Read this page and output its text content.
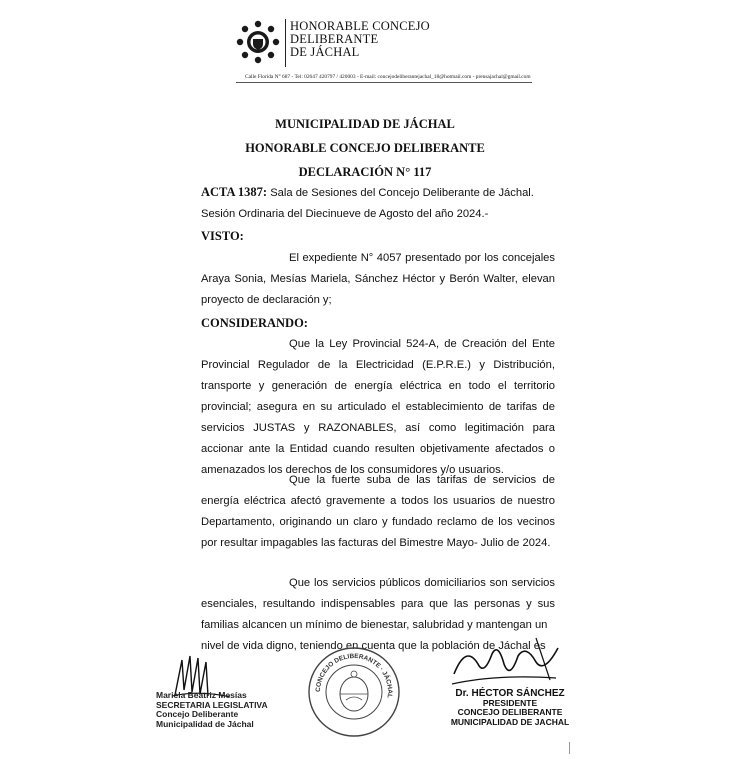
HONORABLE CONCEJO
DELIBERANTE
DE JÁCHAL
Calle Florida N° 687 - Tel: 02647 420797 / 420003 - E-mail: concejodeliberantejachal_18@hotmail.com - prensajachal@gmail.com
MUNICIPALIDAD DE JÁCHAL
HONORABLE CONCEJO DELIBERANTE
DECLARACIÓN N° 117
ACTA 1387: Sala de Sesiones del Concejo Deliberante de Jáchal. Sesión Ordinaria del Diecinueve de Agosto del año 2024.-
VISTO:
El expediente N° 4057 presentado por los concejales Araya Sonia, Mesías Mariela, Sánchez Héctor y Berón Walter, elevan proyecto de declaración y;
CONSIDERANDO:
Que la Ley Provincial 524-A, de Creación del Ente Provincial Regulador de la Electricidad (E.P.R.E.) y Distribución, transporte y generación de energía eléctrica en todo el territorio provincial; asegura en su articulado el establecimiento de tarifas de servicios JUSTAS y RAZONABLES, así como legitimación para accionar ante la Entidad cuando resulten objetivamente afectados o amenazados los derechos de los consumidores y/o usuarios.
Que la fuerte suba de las tarifas de servicios de energía eléctrica afectó gravemente a todos los usuarios de nuestro Departamento, originando un claro y fundado reclamo de los vecinos por resultar impagables las facturas del Bimestre Mayo- Julio de 2024.
Que los servicios públicos domiciliarios son servicios esenciales, resultando indispensables para que las personas y sus familias alcancen un mínimo de bienestar, salubridad y mantengan un
nivel de vida digno, teniendo en cuenta que la población de Jáchal es
Mariela Beatriz Mesías
SECRETARIA LEGISLATIVA
Concejo Deliberante
Municipalidad de Jáchal
CONCEJO DELIBERANTE · JÁCHAL	Dr. HÉCTOR SÁNCHEZ
PRESIDENTE
CONCEJO DELIBERANTE
MUNICIPALIDAD DE JACHAL
